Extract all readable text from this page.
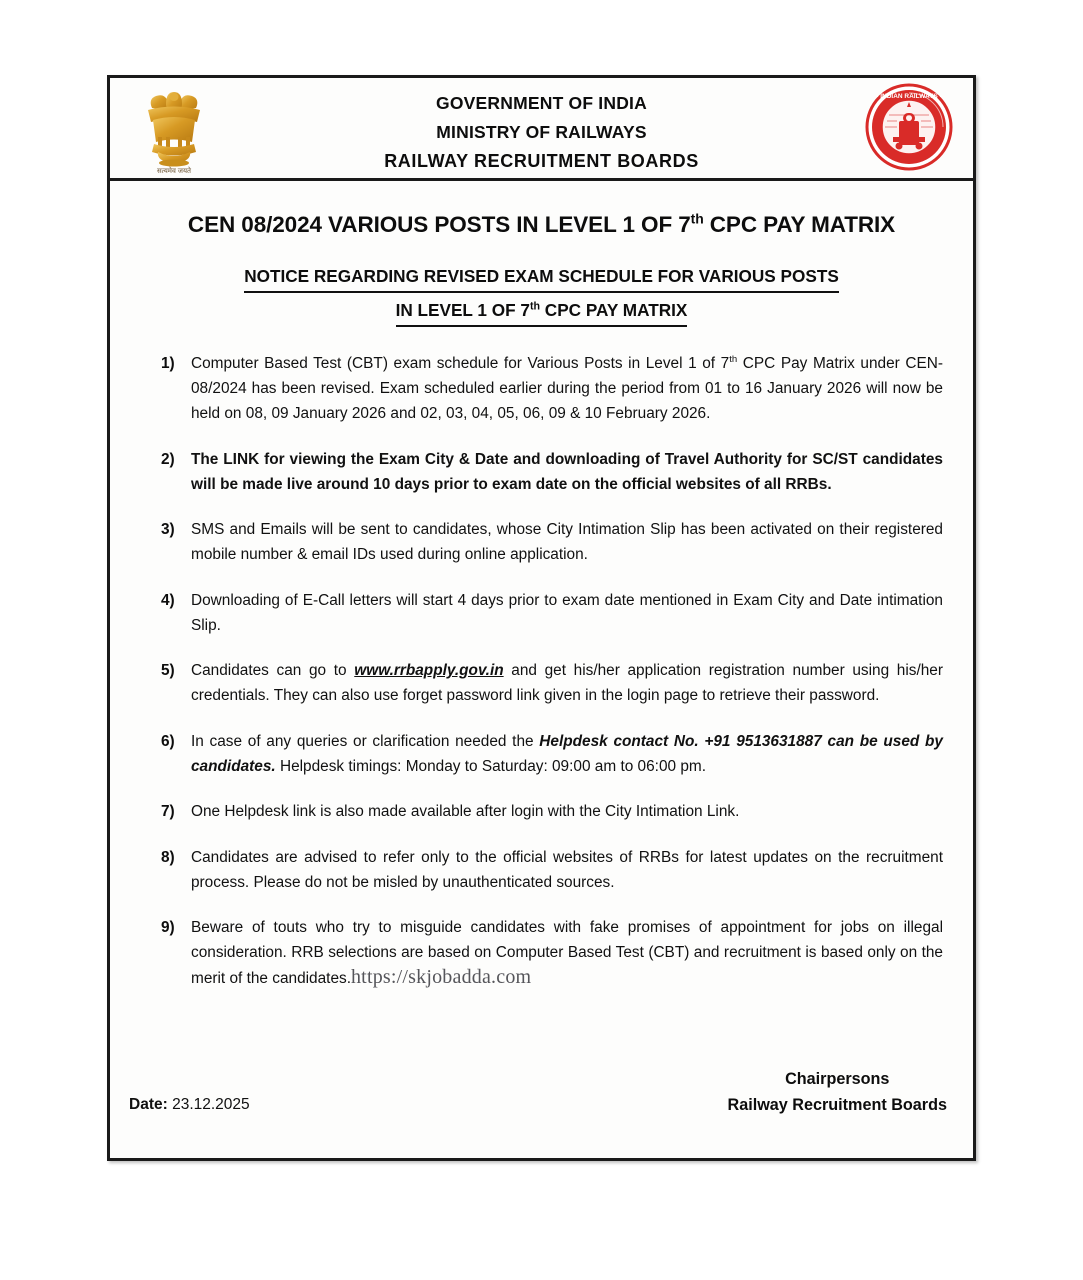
सत्यमेव जयते
• INDIAN RAILWAYS •
GOVERNMENT OF INDIA
MINISTRY OF RAILWAYS
RAILWAY RECRUITMENT BOARDS
CEN 08/2024 VARIOUS POSTS IN LEVEL 1 OF 7th CPC PAY MATRIX
NOTICE REGARDING REVISED EXAM SCHEDULE FOR VARIOUS POSTS
IN LEVEL 1 OF 7th CPC PAY MATRIX
1)	Computer Based Test (CBT) exam schedule for Various Posts in Level 1 of 7th CPC Pay Matrix under CEN-08/2024 has been revised. Exam scheduled earlier during the period from 01 to 16 January 2026 will now be held on 08, 09 January 2026 and 02, 03, 04, 05, 06, 09 & 10 February 2026.
2)	The LINK for viewing the Exam City & Date and downloading of Travel Authority for SC/ST candidates will be made live around 10 days prior to exam date on the official websites of all RRBs.
3)	SMS and Emails will be sent to candidates, whose City Intimation Slip has been activated on their registered mobile number & email IDs used during online application.
4)	Downloading of E-Call letters will start 4 days prior to exam date mentioned in Exam City and Date intimation Slip.
5)	Candidates can go to www.rrbapply.gov.in and get his/her application registration number using his/her credentials. They can also use forget password link given in the login page to retrieve their password.
6)	In case of any queries or clarification needed the Helpdesk contact No. +91 9513631887 can be used by candidates. Helpdesk timings: Monday to Saturday: 09:00 am to 06:00 pm.
7)	One Helpdesk link is also made available after login with the City Intimation Link.
8)	Candidates are advised to refer only to the official websites of RRBs for latest updates on the recruitment process. Please do not be misled by unauthenticated sources.
9)	Beware of touts who try to misguide candidates with fake promises of appointment for jobs on illegal consideration. RRB selections are based on Computer Based Test (CBT) and recruitment is based only on the merit of the candidates.https://skjobadda.com
Chairpersons
Railway Recruitment Boards
Date: 23.12.2025
